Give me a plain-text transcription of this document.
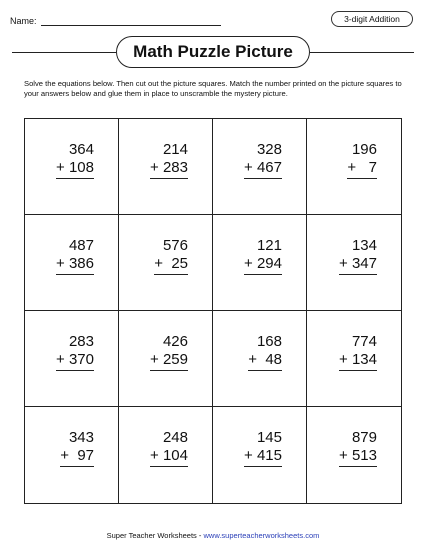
Name:	3-digit Addition
Math Puzzle Picture
Solve the equations below. Then cut out the picture squares. Match the number printed on the picture squares to your answers below and glue them in place to unscramble the mystery picture.
364
+ 108
214
+ 283
328
+ 467
196
+   7
487
+ 386
576
+  25
121
+ 294
134
+ 347
283
+ 370
426
+ 259
168
+  48
774
+ 134
343
+  97
248
+ 104
145
+ 415
879
+ 513
Super Teacher Worksheets - www.superteacherworksheets.com
